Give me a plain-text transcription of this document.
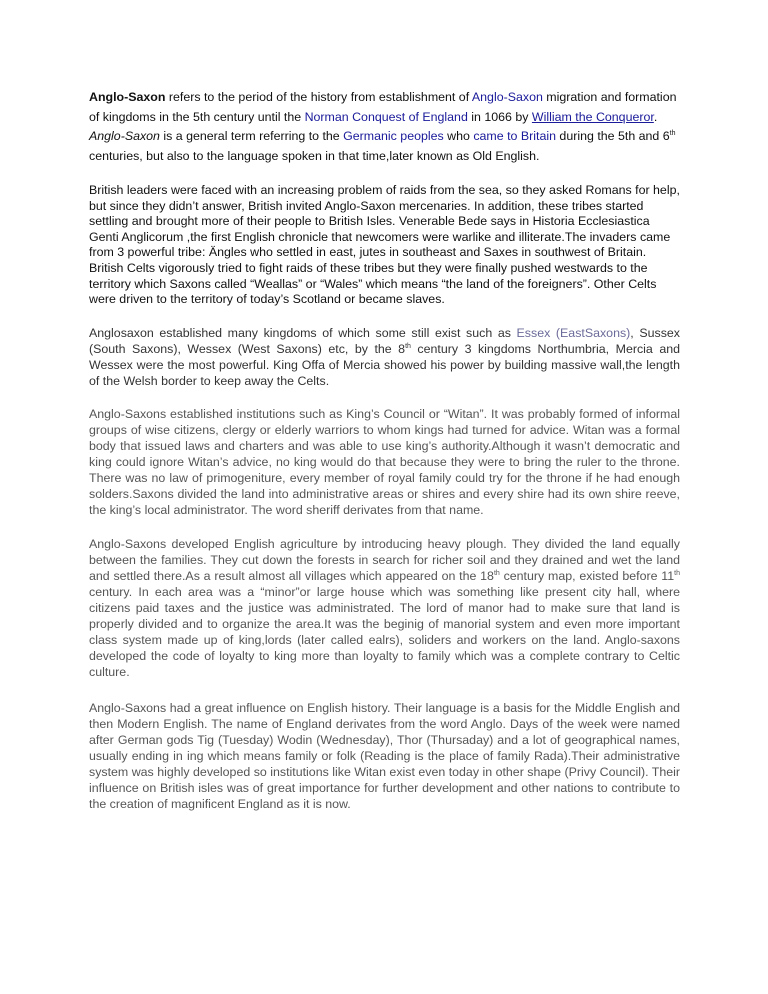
Anglo-Saxon refers to the period of the history from establishment of Anglo-Saxon migration and formation of kingdoms in the 5th century until the Norman Conquest of England in 1066 by William the Conqueror. Anglo-Saxon is a general term referring to the Germanic peoples who came to Britain during the 5th and 6th centuries, but also to the language spoken in that time,later known as Old English.

British leaders were faced with an increasing problem of raids from the sea, so they asked Romans for help, but since they didn’t answer, British invited Anglo-Saxon mercenaries. In addition, these tribes started settling and brought more of their people to British Isles. Venerable Bede says in Historia Ecclesiastica Genti Anglicorum ,the first English chronicle that newcomers were warlike and illiterate.The invaders came from 3 powerful tribe: Ängles who settled in east, jutes in southeast and Saxes in southwest of Britain. British Celts vigorously tried to fight raids of these tribes but they were finally pushed westwards to the territory which Saxons called “Weallas” or “Wales” which means “the land of the foreigners”. Other Celts were driven to the territory of today’s Scotland or became slaves.

Anglosaxon established many kingdoms of which some still exist such as Essex (EastSaxons), Sussex (South Saxons), Wessex (West Saxons) etc, by the 8th century 3 kingdoms Northumbria, Mercia and Wessex were the most powerful. King Offa of Mercia showed his power by building massive wall,the length of the Welsh border to keep away the Celts.

Anglo-Saxons established institutions such as King’s Council or “Witan”. It was probably formed of informal groups of wise citizens, clergy or elderly warriors to whom kings had turned for advice. Witan was a formal body that issued laws and charters and was able to use king’s authority.Although it wasn’t democratic and king could ignore Witan’s advice, no king would do that because they were to bring the ruler to the throne. There was no law of primogeniture, every member of royal family could try for the throne if he had enough solders.Saxons divided the land into administrative areas or shires and every shire had its own shire reeve, the king’s local administrator. The word sheriff derivates from that name.

Anglo-Saxons developed English agriculture by introducing heavy plough. They divided the land equally between the families. They cut down the forests in search for richer soil and they drained and wet the land and settled there.As a result almost all villages which appeared on the 18th century map, existed before 11th century. In each area was a “minor”or large house which was something like present city hall, where citizens paid taxes and the justice was administrated. The lord of manor had to make sure that land is properly divided and to organize the area.It was the beginig of manorial system and even more important class system made up of king,lords (later called ealrs), soliders and workers on the land. Anglo-saxons developed the code of loyalty to king more than loyalty to family which was a complete contrary to Celtic culture.

Anglo-Saxons had a great influence on English history. Their language is a basis for the Middle English and then Modern English. The name of England derivates from the word Anglo. Days of the week were named after German gods Tig (Tuesday) Wodin (Wednesday), Thor (Thursaday) and a lot of geographical names, usually ending in ing which means family or folk (Reading is the place of family Rada).Their administrative system was highly developed so institutions like Witan exist even today in other shape (Privy Council). Their influence on British isles was of great importance for further development and other nations to contribute to the creation of magnificent England as it is now.
